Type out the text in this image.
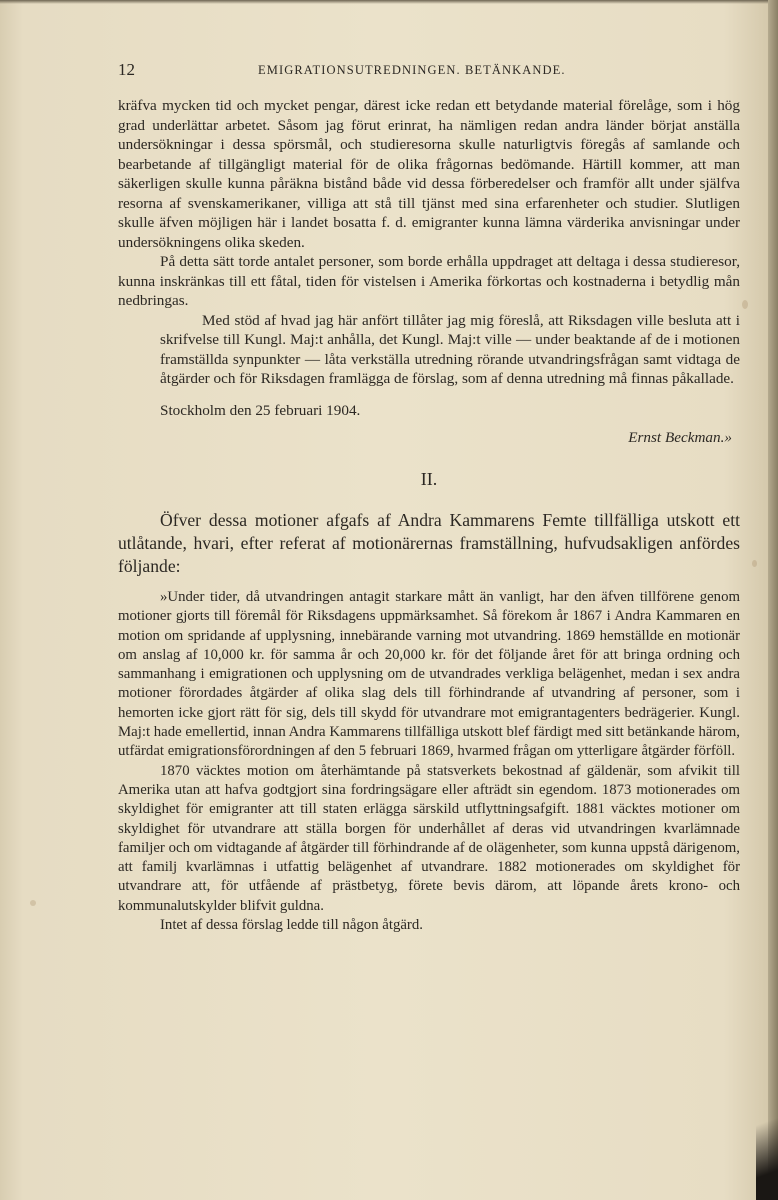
12	EMIGRATIONSUTREDNINGEN. BETÄNKANDE.

kräfva mycken tid och mycket pengar, därest icke redan ett betydande material förelåge, som i hög grad underlättar arbetet. Såsom jag förut erinrat, ha nämligen redan andra länder börjat anställa undersökningar i dessa spörsmål, och studieresorna skulle naturligtvis föregås af samlande och bearbetande af tillgängligt material för de olika frågornas bedömande. Härtill kommer, att man säkerligen skulle kunna påräkna bistånd både vid dessa förberedelser och framför allt under själfva resorna af svenskamerikaner, villiga att stå till tjänst med sina erfarenheter och studier. Slutligen skulle äfven möjligen här i landet bosatta f. d. emigranter kunna lämna värderika anvisningar under undersökningens olika skeden.

På detta sätt torde antalet personer, som borde erhålla uppdraget att deltaga i dessa studieresor, kunna inskränkas till ett fåtal, tiden för vistelsen i Amerika förkortas och kostnaderna i betydlig mån nedbringas.

Med stöd af hvad jag här anfört tillåter jag mig föreslå, att Riksdagen ville besluta att i skrifvelse till Kungl. Maj:t anhålla, det Kungl. Maj:t ville — under beaktande af de i motionen framställda synpunkter — låta verkställa utredning rörande utvandringsfrågan samt vidtaga de åtgärder och för Riksdagen framlägga de förslag, som af denna utredning må finnas påkallade.

Stockholm den 25 februari 1904.

Ernst Beckman.»

II.

Öfver dessa motioner afgafs af Andra Kammarens Femte tillfälliga utskott ett utlåtande, hvari, efter referat af motionärernas framställning, hufvudsakligen anfördes följande:

»Under tider, då utvandringen antagit starkare mått än vanligt, har den äfven tillförene genom motioner gjorts till föremål för Riksdagens uppmärksamhet. Så förekom år 1867 i Andra Kammaren en motion om spridande af upplysning, innebärande varning mot utvandring. 1869 hemställde en motionär om anslag af 10,000 kr. för samma år och 20,000 kr. för det följande året för att bringa ordning och sammanhang i emigrationen och upplysning om de utvandrades verkliga belägenhet, medan i sex andra motioner förordades åtgärder af olika slag dels till förhindrande af utvandring af personer, som i hemorten icke gjort rätt för sig, dels till skydd för utvandrare mot emigrantagenters bedrägerier. Kungl. Maj:t hade emellertid, innan Andra Kammarens tillfälliga utskott blef färdigt med sitt betänkande härom, utfärdat emigrationsförordningen af den 5 februari 1869, hvarmed frågan om ytterligare åtgärder förföll.

1870 väcktes motion om återhämtande på statsverkets bekostnad af gäldenär, som afvikit till Amerika utan att hafva godtgjort sina fordringsägare eller afträdt sin egendom. 1873 motionerades om skyldighet för emigranter att till staten erlägga särskild utflyttningsafgift. 1881 väcktes motioner om skyldighet för utvandrare att ställa borgen för underhållet af deras vid utvandringen kvarlämnade familjer och om vidtagande af åtgärder till förhindrande af de olägenheter, som kunna uppstå därigenom, att familj kvarlämnas i utfattig belägenhet af utvandrare. 1882 motionerades om skyldighet för utvandrare att, för utfående af prästbetyg, förete bevis därom, att löpande årets krono- och kommunalutskylder blifvit guldna.

Intet af dessa förslag ledde till någon åtgärd.
